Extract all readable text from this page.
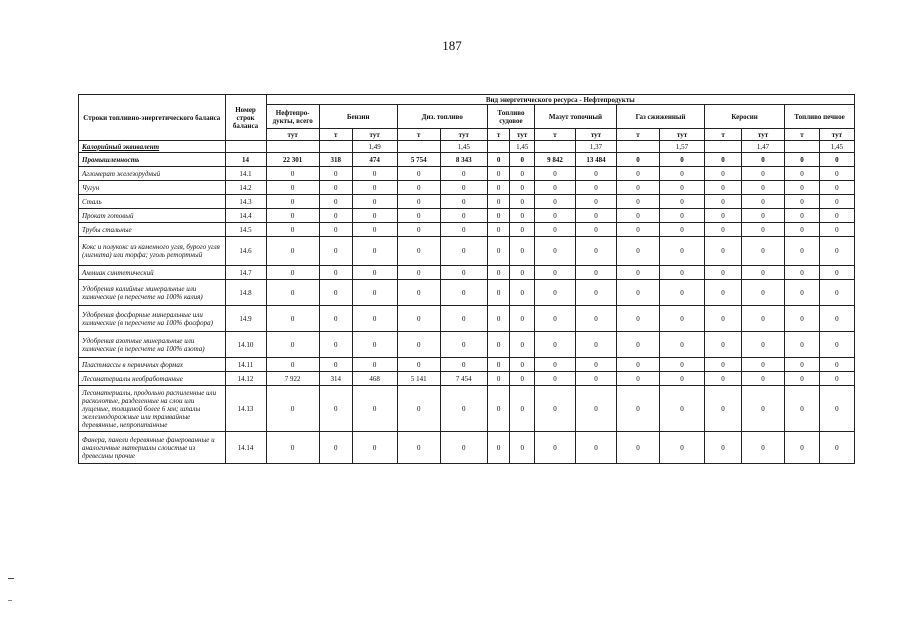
187
Строки топливно-энергетического баланса	Номер строк баланса	Вид энергетического ресурса - Нефтепродукты														
		Нефтепро-дукты, всего	Бензин		Диз. топливо		Топливо судовое		Мазут топочный		Газ сжиженный		Керосин		Топливо печное	
		тут	т	тут	т	тут	т	тут	т	тут	т	тут	т	тут	т	тут
Калорийный эквивалент				1,49		1,45		1,45		1,37		1,57		1,47		1,45
Промышленность	14	22 301	318	474	5 754	8 343	0	0	9 842	13 484	0	0	0	0	0	0
Агломерат железорудный	14.1	0	0	0	0	0	0	0	0	0	0	0	0	0	0	0
Чугун	14.2	0	0	0	0	0	0	0	0	0	0	0	0	0	0	0
Сталь	14.3	0	0	0	0	0	0	0	0	0	0	0	0	0	0	0
Прокат готовый	14.4	0	0	0	0	0	0	0	0	0	0	0	0	0	0	0
Трубы стальные	14.5	0	0	0	0	0	0	0	0	0	0	0	0	0	0	0
Кокс и полукокс из каменного угля, бурого угля (лигнита) или торфа; уголь ретортный	14.6	0	0	0	0	0	0	0	0	0	0	0	0	0	0	0
Аммиак синтетический	14.7	0	0	0	0	0	0	0	0	0	0	0	0	0	0	0
Удобрения калийные минеральные или химические (в пересчете на 100% калия)	14.8	0	0	0	0	0	0	0	0	0	0	0	0	0	0	0
Удобрения фосфорные минеральные или химические (в пересчете на 100% фосфора)	14.9	0	0	0	0	0	0	0	0	0	0	0	0	0	0	0
Удобрения азотные минеральные или химические (в пересчете на 100% азота)	14.10	0	0	0	0	0	0	0	0	0	0	0	0	0	0	0
Пластмассы в первичных формах	14.11	0	0	0	0	0	0	0	0	0	0	0	0	0	0	0
Лесоматериалы необработанные	14.12	7 922	314	468	5 141	7 454	0	0	0	0	0	0	0	0	0	0
Лесоматериалы, продольно распиленные или расколотые, разделенные на слои или лущеные, толщиной более 6 мм; шпалы железнодорожные или трамвайные деревянные, непропитанные	14.13	0	0	0	0	0	0	0	0	0	0	0	0	0	0	0
Фанера, панели деревянные фанерованные и аналогичные материалы слоистые из древесины прочие	14.14	0	0	0	0	0	0	0	0	0	0	0	0	0	0	0
